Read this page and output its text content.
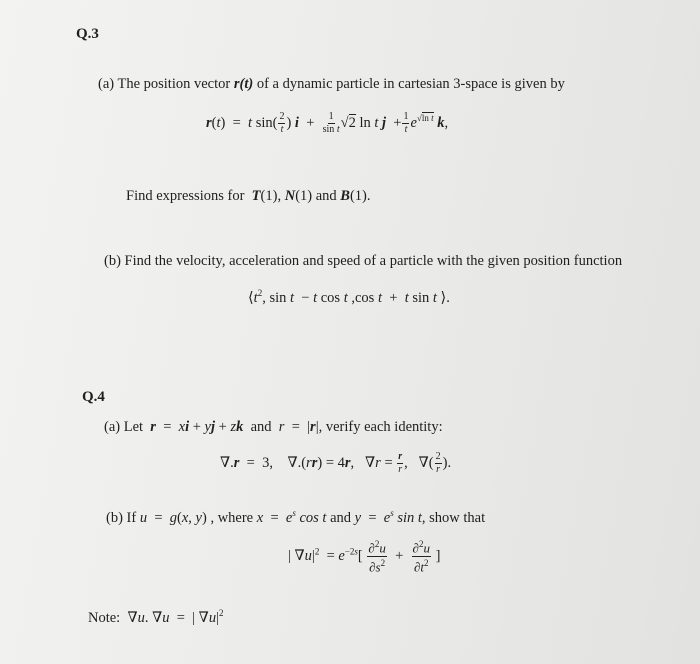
Q.3
(a) The position vector r(t) of a dynamic particle in cartesian 3-space is given by
r(t)  =  t $\sin( \frac{2}{t}$ ) $i + \frac{1}{\text{sin t}} √2$ ln t $j + \frac{1}{t} e^{√ln t}$ k,
Find expressions for  T(1), N(1) and B(1).
(b) Find the velocity, acceleration and speed of a particle with the given position function
$⟨t^2$, sin t  − t cos t ,cos t  +  t sin t ⟩.
Q.4
(a) Let  r  =  xi + yj + zk  and  r  =  |r|, verify each identity:
∇.r  =  3,    ∇.(rr) = 4r,   $\nabla r = \frac{r}{r}$ ,   ∇( $\frac{2}{r}$ ).
(b) If u  =  g(x, y) , where $x = e^s$ cos t and $y = e^s$ sin t, show that
| $\nabla u|^2 = e^{-2s}[ \frac{\partial^2u}{\partial s^2} + \frac{\partial^2u}{\partial t^2}$ ]
Note:  ∇u. ∇u  =  | $\nabla u|^2$
